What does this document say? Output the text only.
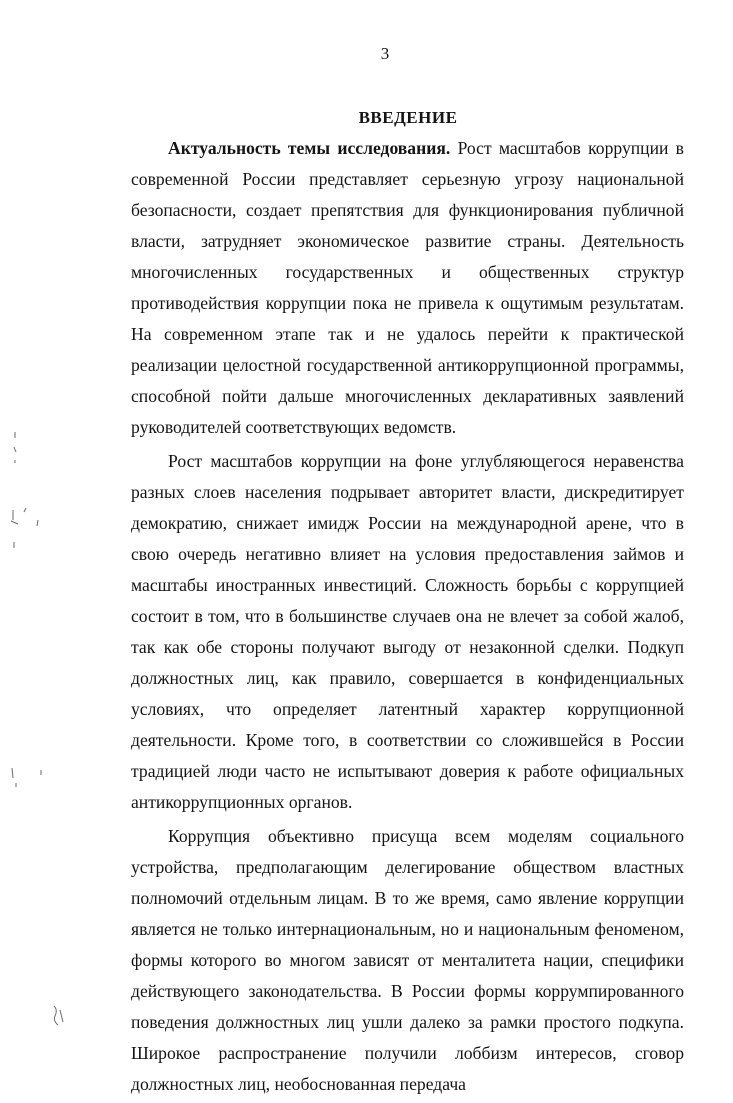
3
ВВЕДЕНИЕ

Актуальность темы исследования. Рост масштабов коррупции в современной России представляет серьезную угрозу национальной безопасности, создает препятствия для функционирования публичной власти, затрудняет экономическое развитие страны. Деятельность многочисленных государственных и общественных структур противодействия коррупции пока не привела к ощутимым результатам. На современном этапе так и не удалось перейти к практической реализации целостной государственной антикоррупционной программы, способной пойти дальше многочисленных декларативных заявлений руководителей соответствующих ведомств.

Рост масштабов коррупции на фоне углубляющегося неравенства разных слоев населения подрывает авторитет власти, дискредитирует демократию, снижает имидж России на международной арене, что в свою очередь негативно влияет на условия предоставления займов и масштабы иностранных инвестиций. Сложность борьбы с коррупцией состоит в том, что в большинстве случаев она не влечет за собой жалоб, так как обе стороны получают выгоду от незаконной сделки. Подкуп должностных лиц, как правило, совершается в конфиденциальных условиях, что определяет латентный характер коррупционной деятельности. Кроме того, в соответствии со сложившейся в России традицией люди часто не испытывают доверия к работе официальных антикоррупционных органов.

Коррупция объективно присуща всем моделям социального устройства, предполагающим делегирование обществом властных полномочий отдельным лицам. В то же время, само явление коррупции является не только интернациональным, но и национальным феноменом, формы которого во многом зависят от менталитета нации, специфики действующего законодательства. В России формы коррумпированного поведения должностных лиц ушли далеко за рамки простого подкупа. Широкое распространение получили лоббизм интересов, сговор должностных лиц, необоснованная передача
